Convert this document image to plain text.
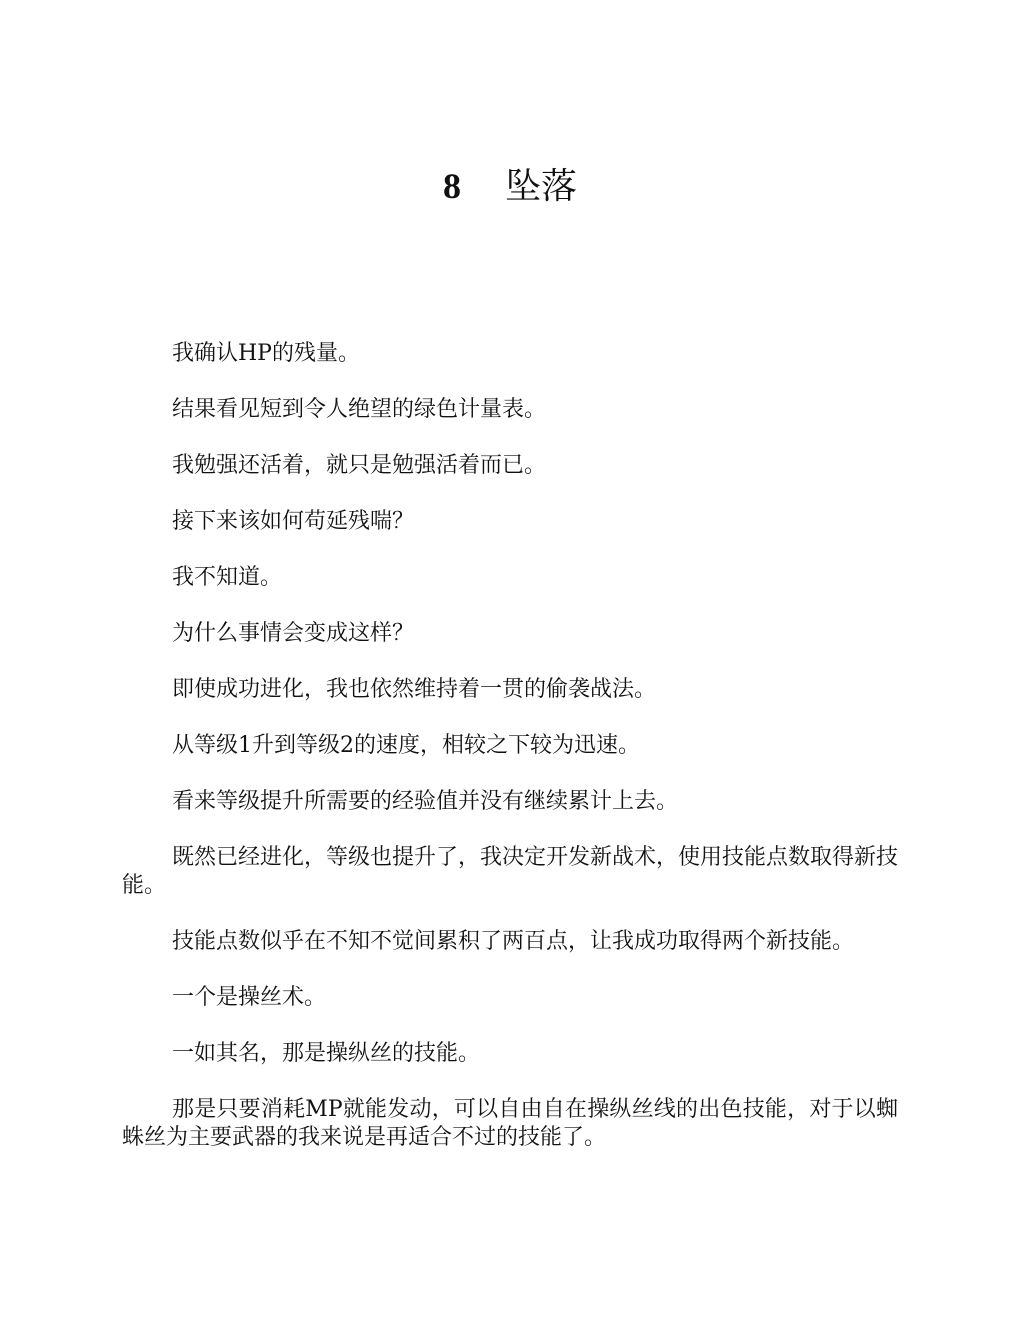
8 坠落

我确认HP的残量。

结果看见短到令人绝望的绿色计量表。

我勉强还活着，就只是勉强活着而已。

接下来该如何苟延残喘？

我不知道。

为什么事情会变成这样？

即使成功进化，我也依然维持着一贯的偷袭战法。

从等级1升到等级2的速度，相较之下较为迅速。

看来等级提升所需要的经验值并没有继续累计上去。

既然已经进化，等级也提升了，我决定开发新战术，使用技能点数取得新技能。

技能点数似乎在不知不觉间累积了两百点，让我成功取得两个新技能。

一个是操丝术。

一如其名，那是操纵丝的技能。

那是只要消耗MP就能发动，可以自由自在操纵丝线的出色技能，对于以蜘蛛丝为主要武器的我来说是再适合不过的技能了。
